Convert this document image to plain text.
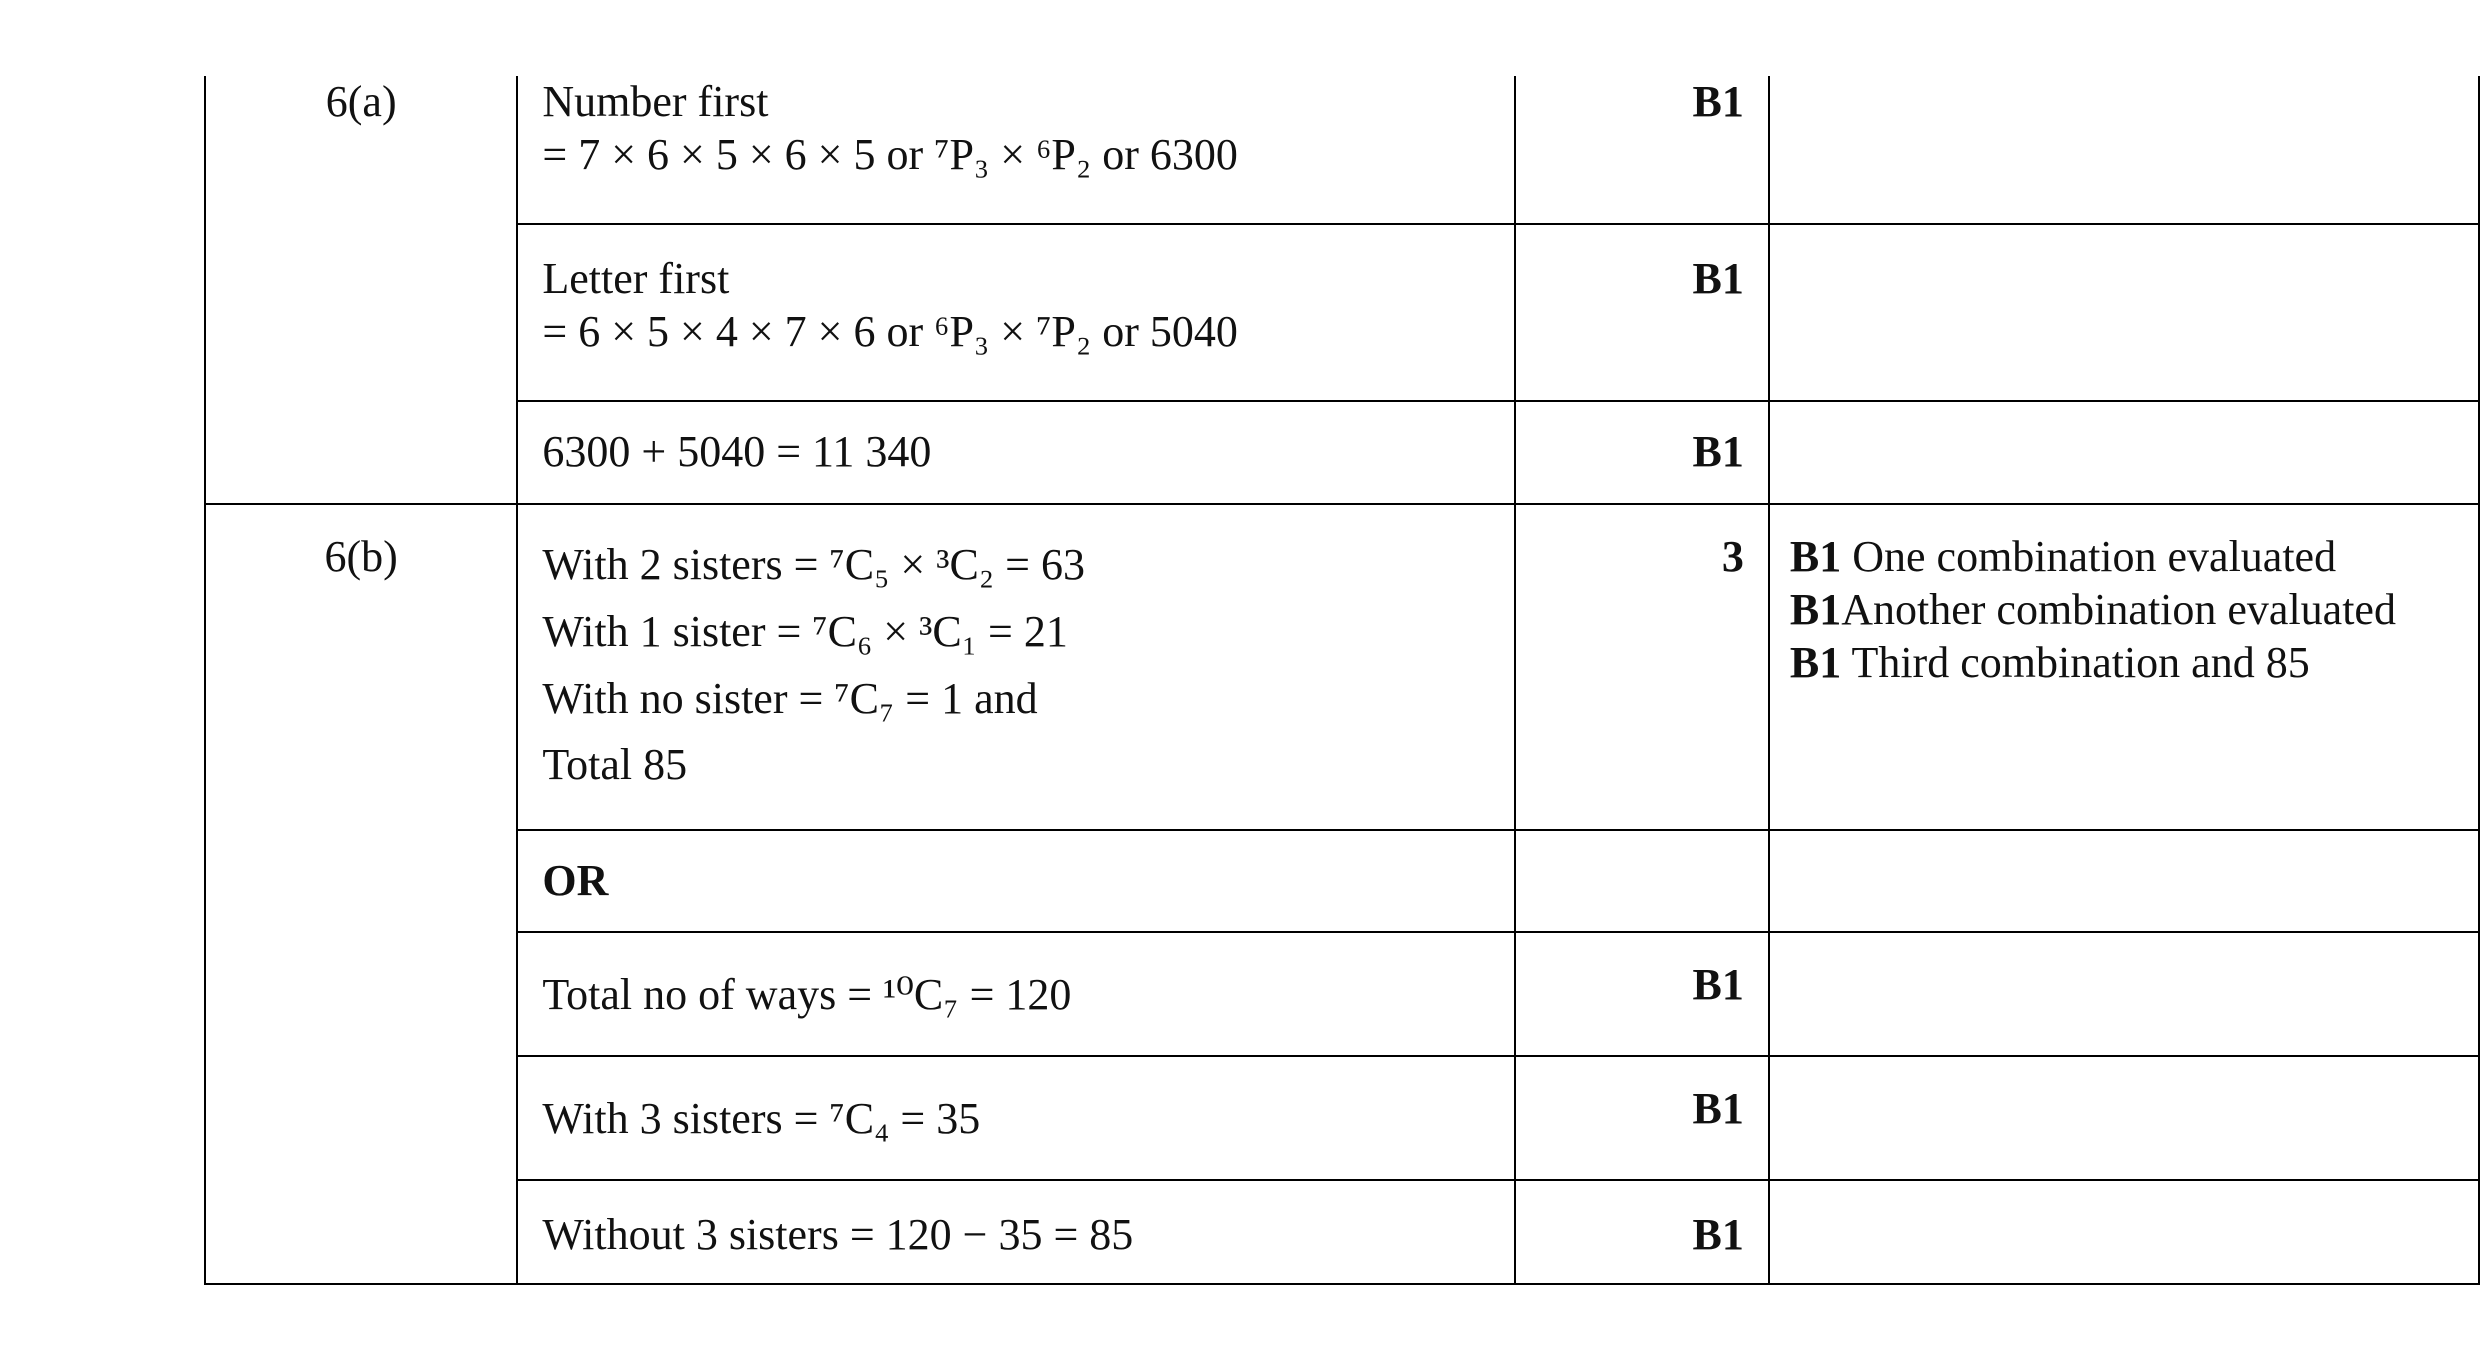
6(a)	Number first
= 7 × 6 × 5 × 6 × 5 or ⁷P₃ × ⁶P₂ or 6300	B1	

	Letter first
= 6 × 5 × 4 × 7 × 6 or ⁶P₃ × ⁷P₂ or 5040	B1	

	6300 + 5040 = 11 340	B1	
6(b)	With 2 sisters = ⁷C₅ × ³C₂ = 63
With 1 sister = ⁷C₆ × ³C₁ = 21
With no sister = ⁷C₇ = 1 and
Total 85	3	B1 One combination evaluated
B1Another combination evaluated
B1 Third combination and 85

	OR		

	Total no of ways = ¹⁰C₇ = 120	B1	

	With 3 sisters = ⁷C₄ = 35	B1	

	Without 3 sisters = 120 − 35 = 85	B1	
